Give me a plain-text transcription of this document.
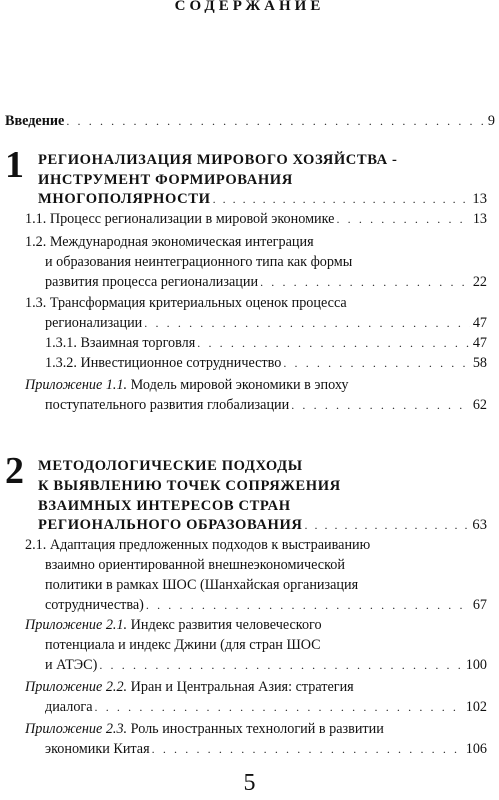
СОДЕРЖАНИЕ
Введение . . .	9
1 РЕГИОНАЛИЗАЦИЯ МИРОВОГО ХОЗЯЙСТВА -
ИНСТРУМЕНТ ФОРМИРОВАНИЯ
МНОГОПОЛЯРНОСТИ . . .	13
1.1. Процесс регионализации в мировой экономике . . .	13
1.2. Международная экономическая интеграция
и образования неинтеграционного типа как формы
развития процесса регионализации . . .	22
1.3. Трансформация критериальных оценок процесса
регионализации . . .	47
1.3.1. Взаимная торговля . . .	47
1.3.2. Инвестиционное сотрудничество . . .	58
Приложение 1.1. Модель мировой экономики в эпоху
поступательного развития глобализации . . .	62
2 МЕТОДОЛОГИЧЕСКИЕ ПОДХОДЫ
К ВЫЯВЛЕНИЮ ТОЧЕК СОПРЯЖЕНИЯ
ВЗАИМНЫХ ИНТЕРЕСОВ СТРАН
РЕГИОНАЛЬНОГО ОБРАЗОВАНИЯ . . .	63
2.1. Адаптация предложенных подходов к выстраиванию
взаимно ориентированной внешнеэкономической
политики в рамках ШОС (Шанхайская организация
сотрудничества) . . .	67
Приложение 2.1. Индекс развития человеческого
потенциала и индекс Джини (для стран ШОС
и АТЭС) . . .	100
Приложение 2.2. Иран и Центральная Азия: стратегия
диалога . . .	102
Приложение 2.3. Роль иностранных технологий в развитии
экономики Китая . . .	106
5
